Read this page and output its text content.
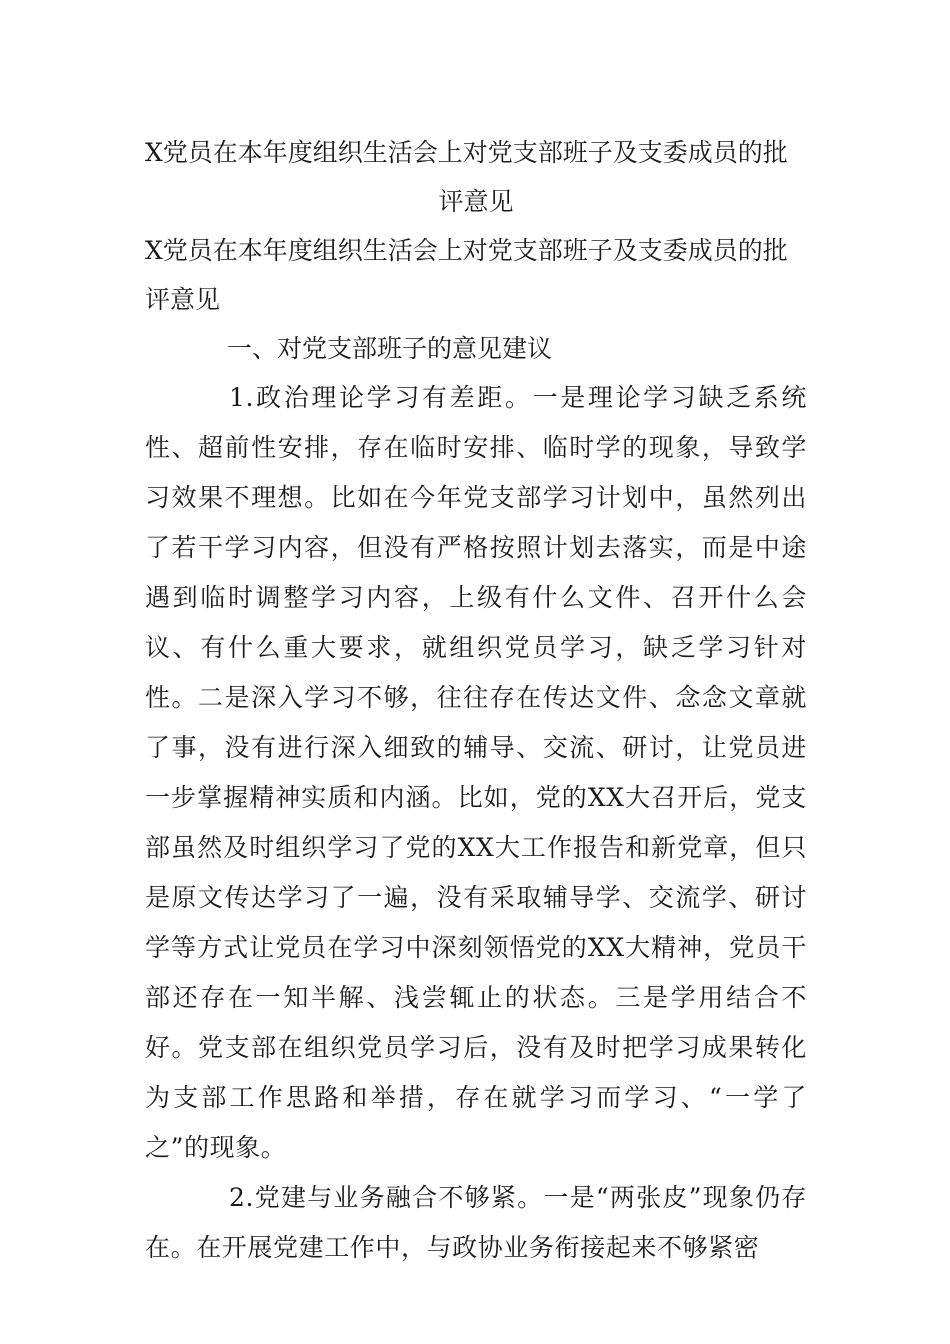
X党员在本年度组织生活会上对党支部班子及支委成员的批
评意见

X党员在本年度组织生活会上对党支部班子及支委成员的批
评意见

一、对党支部班子的意见建议

1.政治理论学习有差距。一是理论学习缺乏系统性、超前性安排，存在临时安排、临时学的现象，导致学习效果不理想。比如在今年党支部学习计划中，虽然列出了若干学习内容，但没有严格按照计划去落实，而是中途遇到临时调整学习内容，上级有什么文件、召开什么会议、有什么重大要求，就组织党员学习，缺乏学习针对性。二是深入学习不够，往往存在传达文件、念念文章就了事，没有进行深入细致的辅导、交流、研讨，让党员进一步掌握精神实质和内涵。比如，党的XX大召开后，党支部虽然及时组织学习了党的XX大工作报告和新党章，但只是原文传达学习了一遍，没有采取辅导学、交流学、研讨学等方式让党员在学习中深刻领悟党的XX大精神，党员干部还存在一知半解、浅尝辄止的状态。三是学用结合不好。党支部在组织党员学习后，没有及时把学习成果转化为支部工作思路和举措，存在就学习而学习、“一学了之”的现象。

2.党建与业务融合不够紧。一是“两张皮”现象仍存在。在开展党建工作中，与政协业务衔接起来不够紧密
